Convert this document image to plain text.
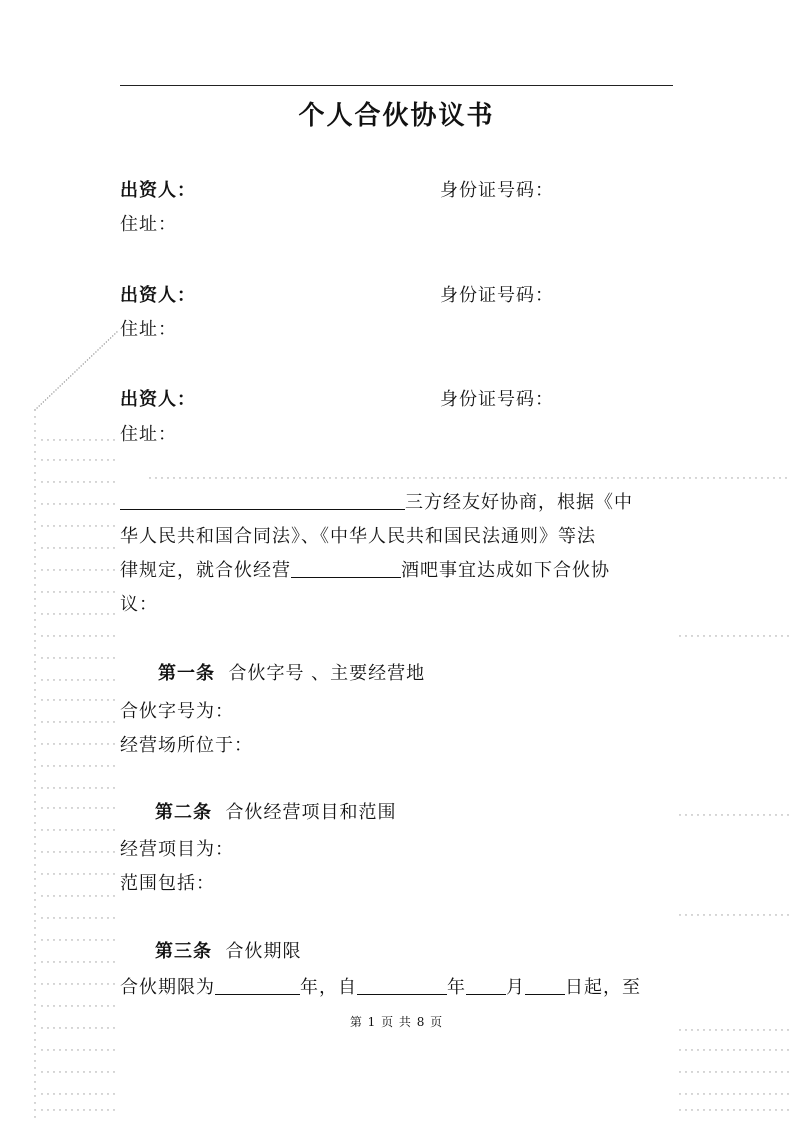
个人合伙协议书
出资人：	身份证号码：
住址：
出资人：	身份证号码：
住址：
出资人：	身份证号码：
住址：
三方经友好协商，根据《中
华人民共和国合同法》、《中华人民共和国民法通则》等法
律规定，就合伙经营	酒吧事宜达成如下合伙协
议：
第一条 合伙字号 、主要经营地
合伙字号为：
经营场所位于：
第二条 合伙经营项目和范围
经营项目为：
范围包括：
第三条 合伙期限
合伙期限为	年，自	年 月 日起，至
第 1 页 共 8 页
